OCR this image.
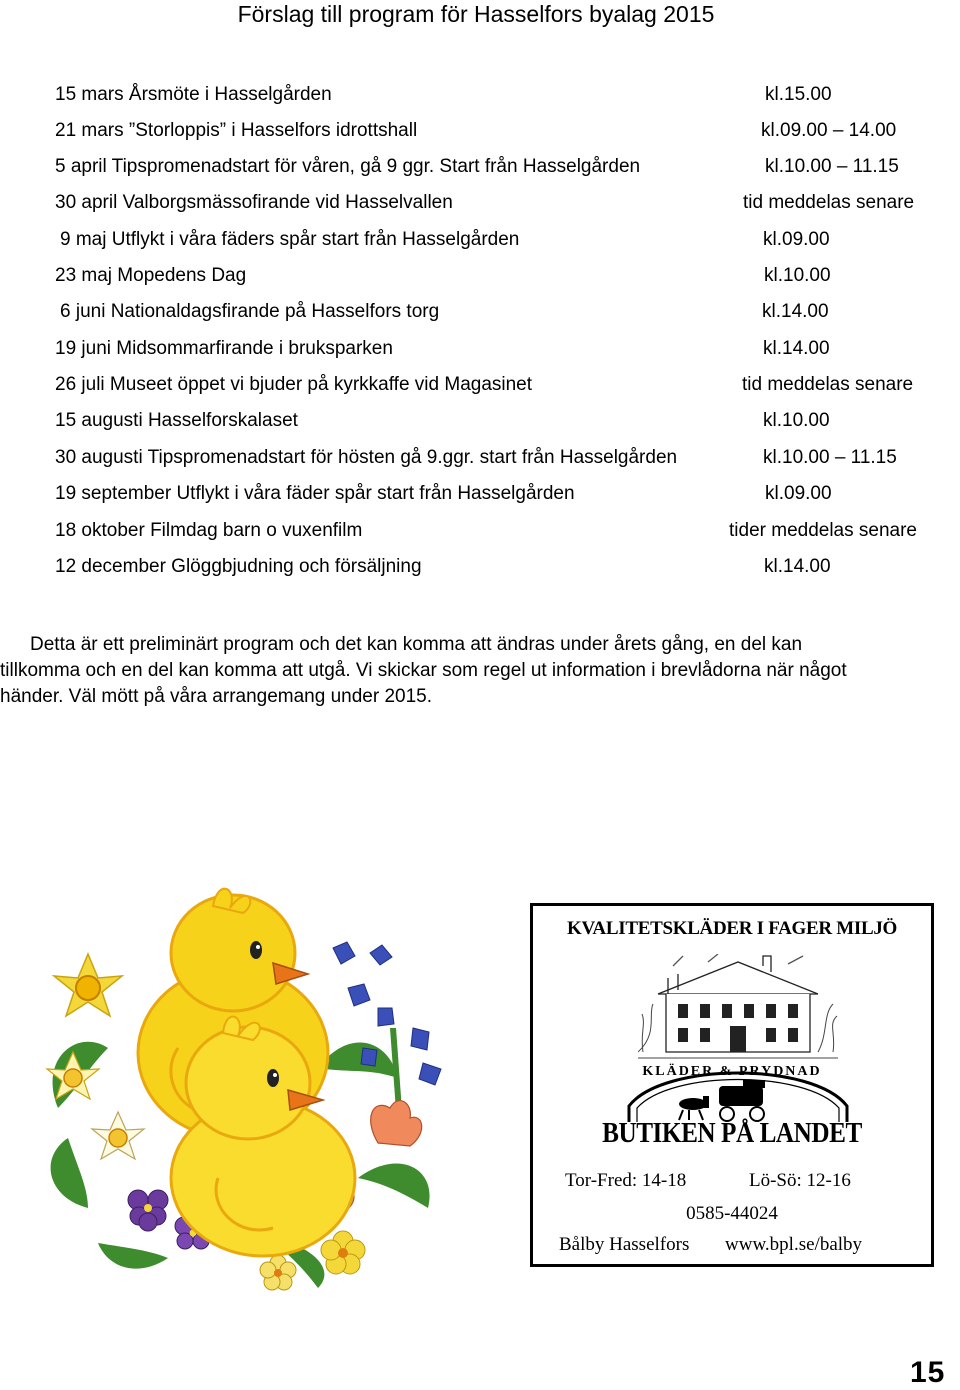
Förslag till program för Hasselfors byalag 2015
15 mars Årsmöte i Hasselgården	kl.15.00
21 mars ”Storloppis” i Hasselfors idrottshall	kl.09.00 – 14.00
5 april Tipspromenadstart för våren, gå 9 ggr. Start från Hasselgården	kl.10.00 – 11.15
30 april Valborgsmässofirande vid Hasselvallen	tid meddelas senare
9 maj Utflykt i våra fäders spår start från Hasselgården	kl.09.00
23 maj Mopedens Dag	kl.10.00
6 juni Nationaldagsfirande på Hasselfors torg	kl.14.00
19 juni Midsommarfirande i bruksparken	kl.14.00
26 juli Museet öppet vi bjuder på kyrkkaffe vid Magasinet	tid meddelas senare
15 augusti Hasselforskalaset	kl.10.00
30 augusti Tipspromenadstart för hösten gå 9.ggr. start från Hasselgården	kl.10.00 – 11.15
19 september Utflykt i våra fäder spår start från Hasselgården	kl.09.00
18 oktober Filmdag barn o vuxenfilm	tider meddelas senare
12 december Glöggbjudning och försäljning	kl.14.00
Detta är ett preliminärt program och det kan komma att ändras under årets gång, en del kan
tillkomma och en del kan komma att utgå. Vi skickar som regel ut information i brevlådorna när något
händer. Väl mött på våra arrangemang under 2015.
KVALITETSKLÄDER I FAGER MILJÖ
KLÄDER & PRYDNAD
BUTIKEN PÅ LANDET
Tor-Fred: 14-18	Lö-Sö: 12-16
0585-44024
Bålby Hasselfors www.bpl.se/balby
15
